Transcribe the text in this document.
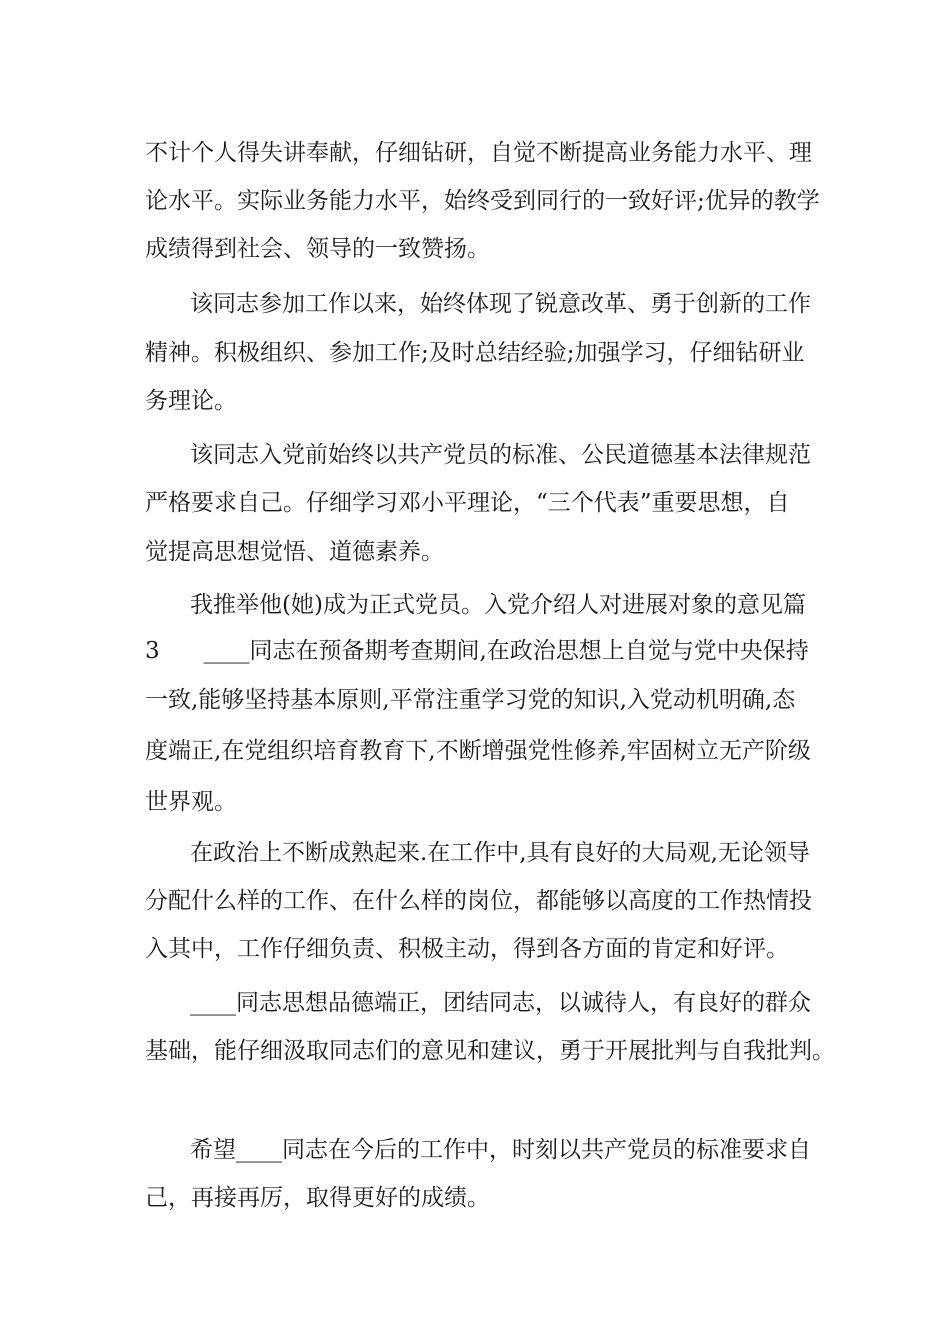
不计个人得失讲奉献，仔细钻研，自觉不断提高业务能力水平、理
论水平。实际业务能力水平，始终受到同行的一致好评;优异的教学
成绩得到社会、领导的一致赞扬。
该同志参加工作以来，始终体现了锐意改革、勇于创新的工作
精神。积极组织、参加工作;及时总结经验;加强学习，仔细钻研业
务理论。
该同志入党前始终以共产党员的标准、公民道德基本法律规范
严格要求自己。仔细学习邓小平理论，“三个代表”重要思想，自
觉提高思想觉悟、道德素养。
我推举他(她)成为正式党员。入党介绍人对进展对象的意见篇
3      ____同志在预备期考查期间,在政治思想上自觉与党中央保持
一致,能够坚持基本原则,平常注重学习党的知识,入党动机明确,态
度端正,在党组织培育教育下,不断增强党性修养,牢固树立无产阶级
世界观。
在政治上不断成熟起来.在工作中,具有良好的大局观,无论领导
分配什么样的工作、在什么样的岗位，都能够以高度的工作热情投
入其中，工作仔细负责、积极主动，得到各方面的肯定和好评。
____同志思想品德端正，团结同志，以诚待人，有良好的群众
基础，能仔细汲取同志们的意见和建议，勇于开展批判与自我批判。
希望____同志在今后的工作中，时刻以共产党员的标准要求自
己，再接再厉，取得更好的成绩。
